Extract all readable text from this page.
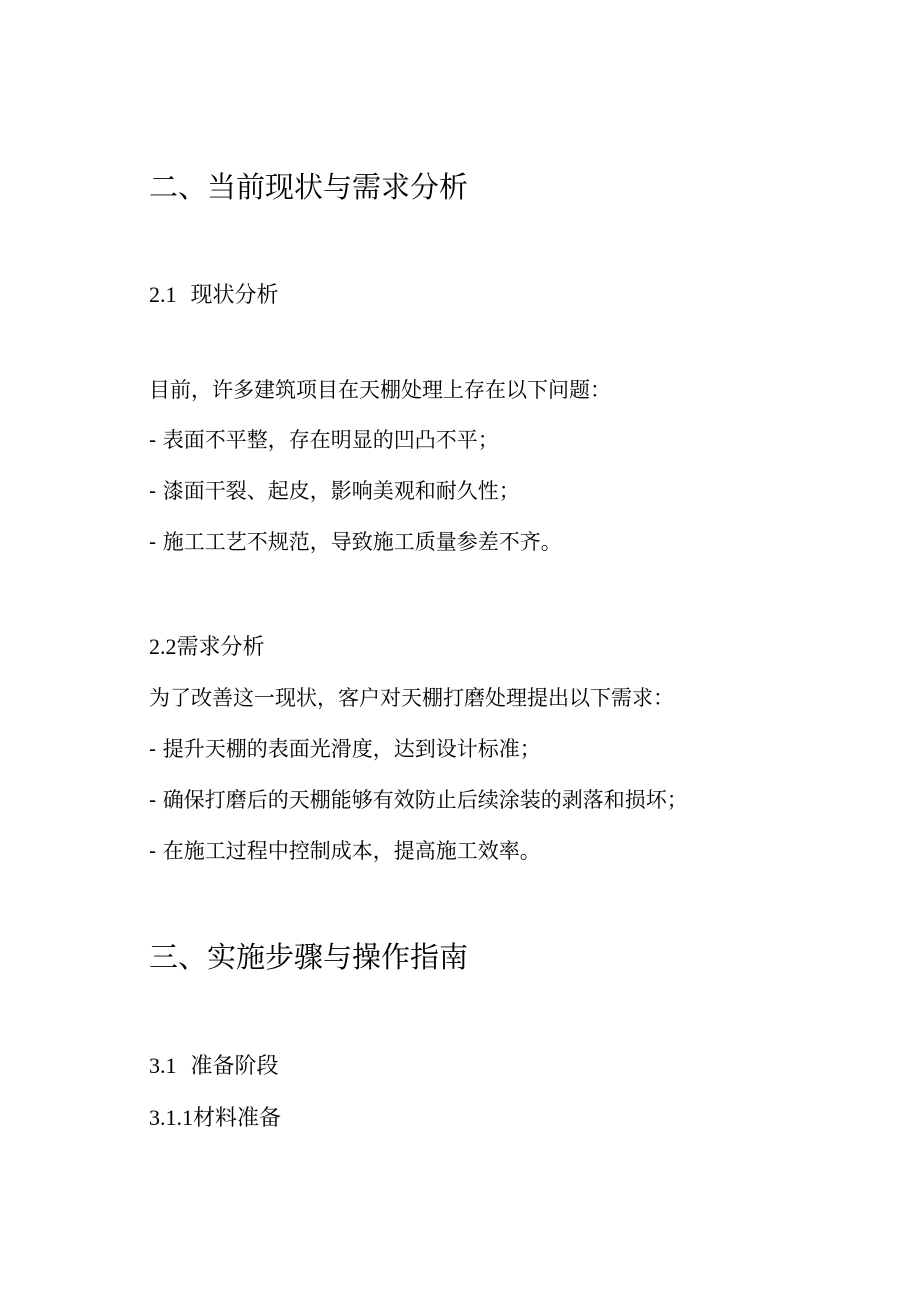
二、当前现状与需求分析
2.1 现状分析
目前，许多建筑项目在天棚处理上存在以下问题：
- 表面不平整，存在明显的凹凸不平；
- 漆面干裂、起皮，影响美观和耐久性；
- 施工工艺不规范，导致施工质量参差不齐。
2.2需求分析
为了改善这一现状，客户对天棚打磨处理提出以下需求：
- 提升天棚的表面光滑度，达到设计标准；
- 确保打磨后的天棚能够有效防止后续涂装的剥落和损坏；
- 在施工过程中控制成本，提高施工效率。
三、实施步骤与操作指南
3.1 准备阶段
3.1.1材料准备
